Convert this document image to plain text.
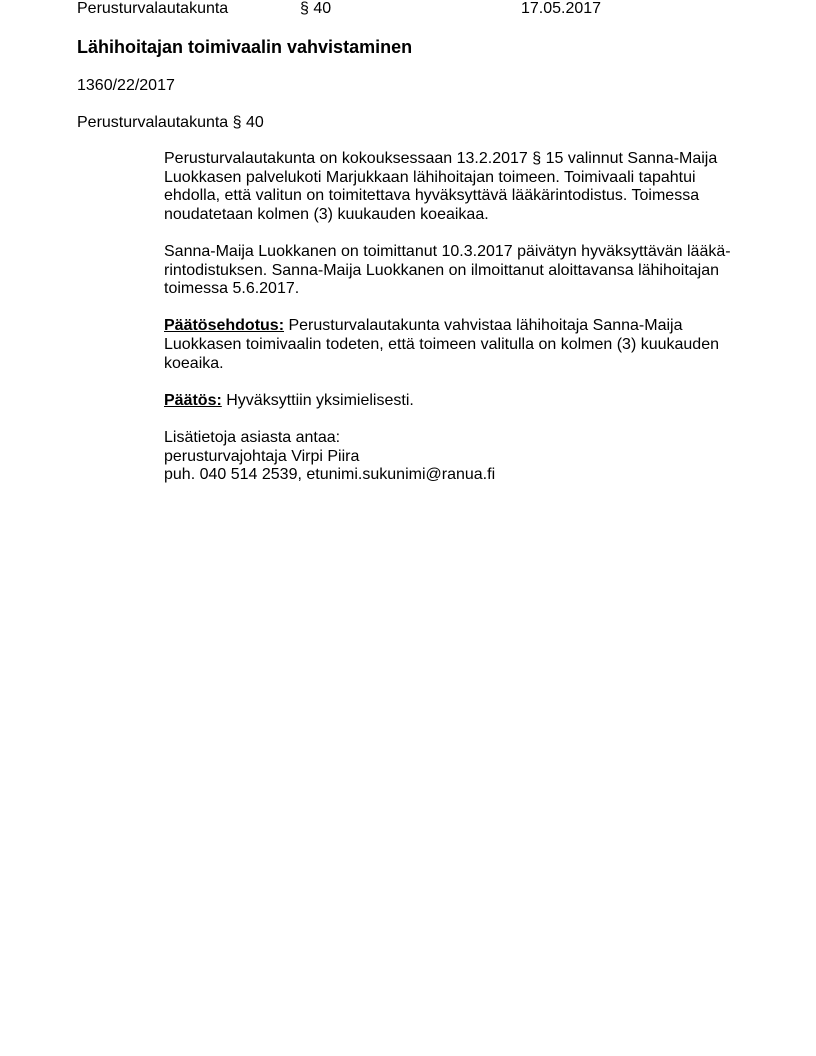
Perusturvalautakunta	§ 40	17.05.2017
Lähihoitajan toimivaalin vahvistaminen
1360/22/2017
Perusturvalautakunta § 40

Perusturvalautakunta on kokouksessaan 13.2.2017 § 15 valinnut Sanna-Maija
Luokkasen palvelukoti Marjukkaan lähihoitajan toimeen. Toimivaali tapahtui
ehdolla, että valitun on toimitettava hyväksyttävä lääkärintodistus. Toimessa
noudatetaan kolmen (3) kuukauden koeaikaa.

Sanna-Maija Luokkanen on toimittanut 10.3.2017 päivätyn hyväksyttävän lääkä-
rintodistuksen. Sanna-Maija Luokkanen on ilmoittanut aloittavansa lähihoitajan
toimessa 5.6.2017.

Päätösehdotus: Perusturvalautakunta vahvistaa lähihoitaja Sanna-Maija
Luokkasen toimivaalin todeten, että toimeen valitulla on kolmen (3) kuukauden
koeaika.

Päätös: Hyväksyttiin yksimielisesti.

Lisätietoja asiasta antaa:
perusturvajohtaja Virpi Piira
puh. 040 514 2539, etunimi.sukunimi@ranua.fi
